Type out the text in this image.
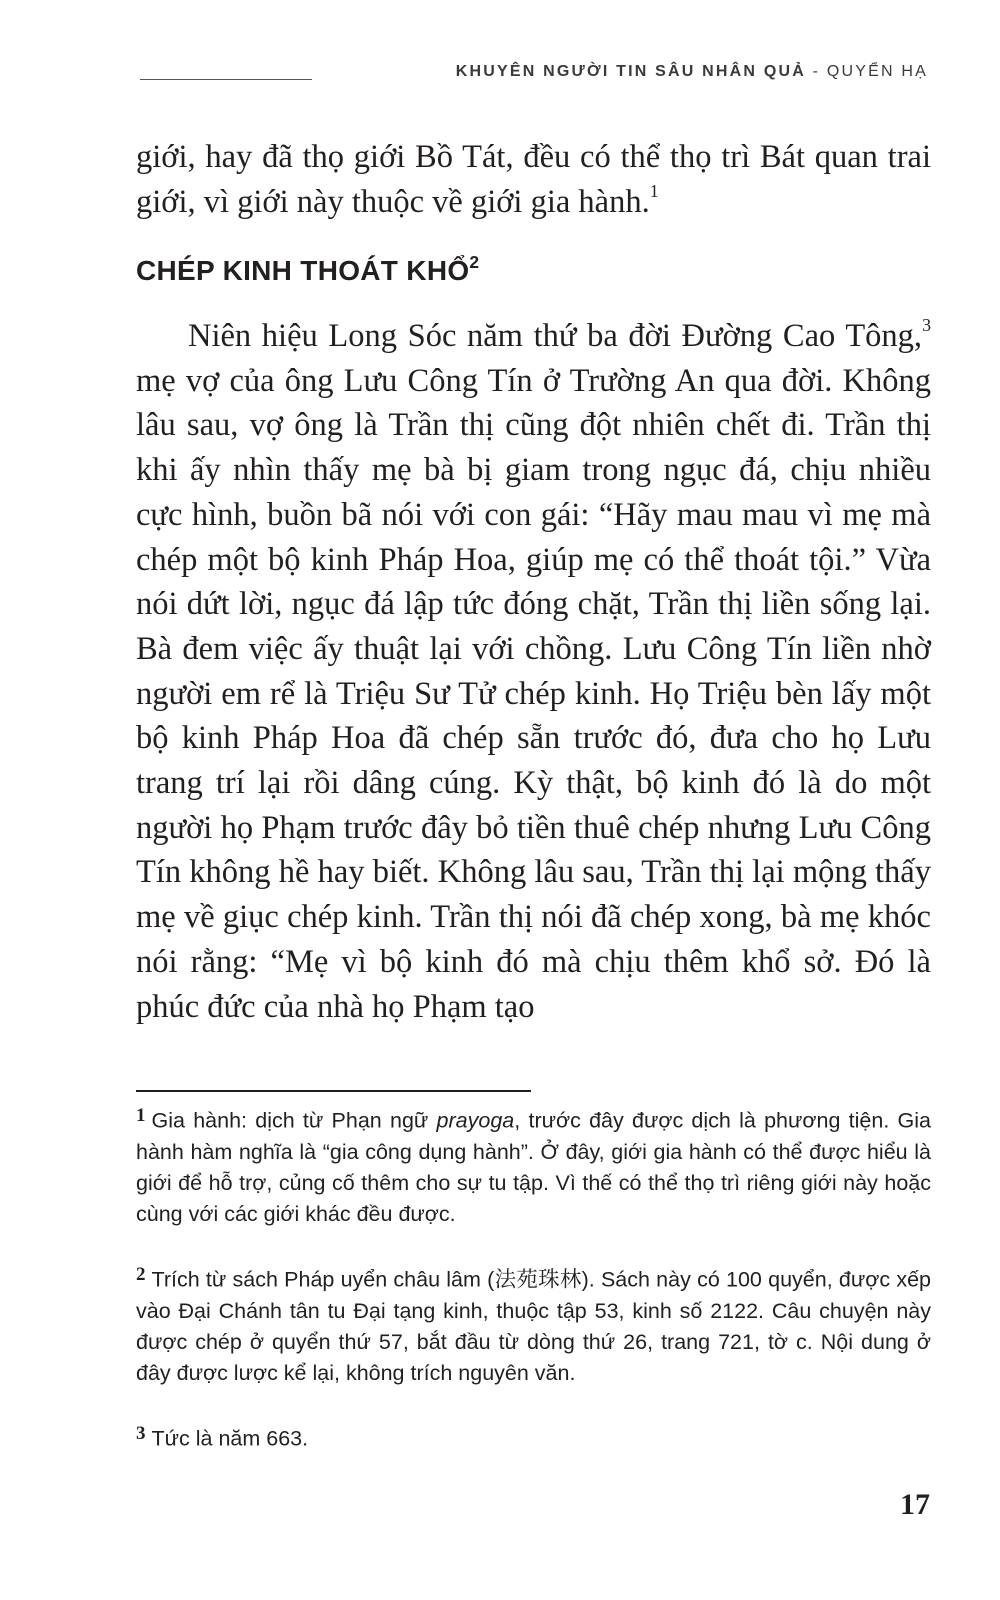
KHUYÊN NGƯỜI TIN SÂU NHÂN QUẢ - QUYỂN HẠ

giới, hay đã thọ giới Bồ Tát, đều có thể thọ trì Bát quan trai giới, vì giới này thuộc về giới gia hành.$^1$

CHÉP KINH THOÁT KHỔ$^2$

Niên hiệu Long Sóc năm thứ ba đời Đường Cao Tông,$^3$ mẹ vợ của ông Lưu Công Tín ở Trường An qua đời. Không lâu sau, vợ ông là Trần thị cũng đột nhiên chết đi. Trần thị khi ấy nhìn thấy mẹ bà bị giam trong ngục đá, chịu nhiều cực hình, buồn bã nói với con gái: “Hãy mau mau vì mẹ mà chép một bộ kinh Pháp Hoa, giúp mẹ có thể thoát tội.” Vừa nói dứt lời, ngục đá lập tức đóng chặt, Trần thị liền sống lại. Bà đem việc ấy thuật lại với chồng. Lưu Công Tín liền nhờ người em rể là Triệu Sư Tử chép kinh. Họ Triệu bèn lấy một bộ kinh Pháp Hoa đã chép sẵn trước đó, đưa cho họ Lưu trang trí lại rồi dâng cúng. Kỳ thật, bộ kinh đó là do một người họ Phạm trước đây bỏ tiền thuê chép nhưng Lưu Công Tín không hề hay biết. Không lâu sau, Trần thị lại mộng thấy mẹ về giục chép kinh. Trần thị nói đã chép xong, bà mẹ khóc nói rằng: “Mẹ vì bộ kinh đó mà chịu thêm khổ sở. Đó là phúc đức của nhà họ Phạm tạo

1 Gia hành: dịch từ Phạn ngữ prayoga, trước đây được dịch là phương tiện. Gia hành hàm nghĩa là “gia công dụng hành”. Ở đây, giới gia hành có thể được hiểu là giới để hỗ trợ, củng cố thêm cho sự tu tập. Vì thế có thể thọ trì riêng giới này hoặc cùng với các giới khác đều được.
2 Trích từ sách Pháp uyển châu lâm (法苑珠林). Sách này có 100 quyển, được xếp vào Đại Chánh tân tu Đại tạng kinh, thuộc tập 53, kinh số 2122. Câu chuyện này được chép ở quyển thứ 57, bắt đầu từ dòng thứ 26, trang 721, tờ c. Nội dung ở đây được lược kể lại, không trích nguyên văn.
3 Tức là năm 663.
17
